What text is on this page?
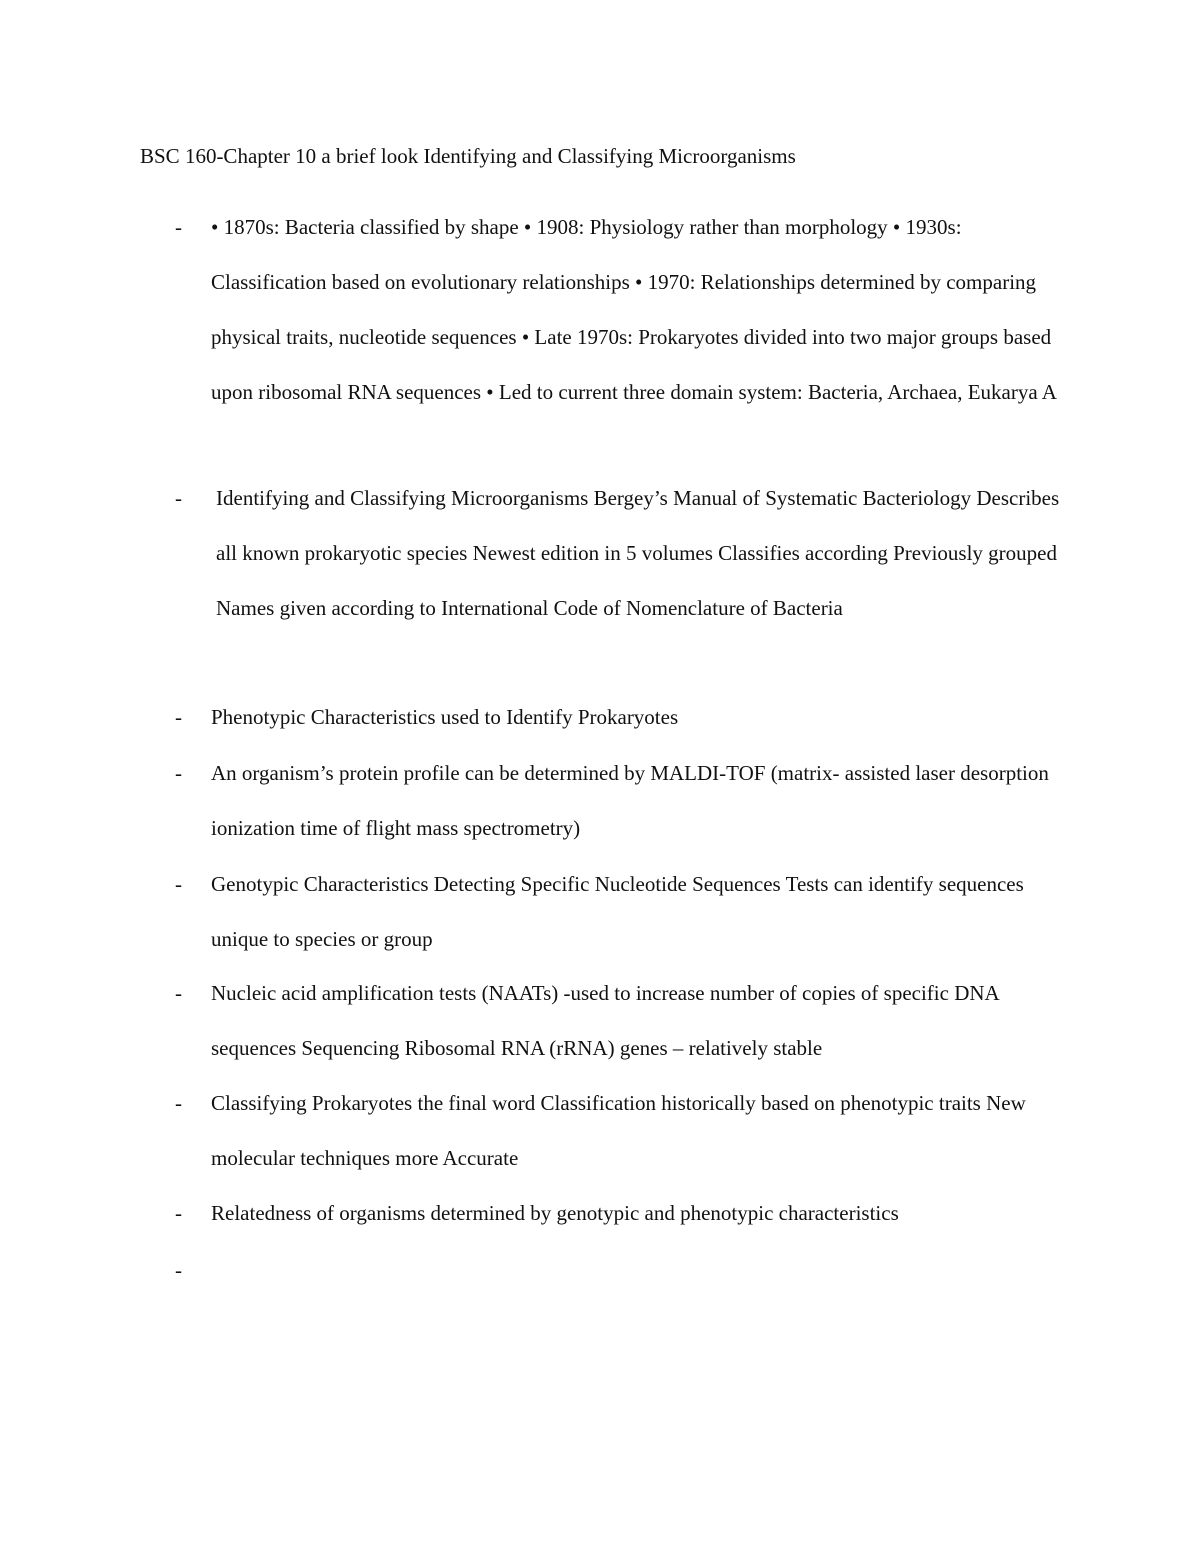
BSC 160-Chapter 10 a brief look Identifying and Classifying Microorganisms
- • 1870s: Bacteria classified by shape • 1908: Physiology rather than morphology • 1930s: Classification based on evolutionary relationships • 1970: Relationships determined by comparing physical traits, nucleotide sequences • Late 1970s: Prokaryotes divided into two major groups based upon ribosomal RNA sequences • Led to current three domain system: Bacteria, Archaea, Eukarya A

- Identifying and Classifying Microorganisms Bergey’s Manual of Systematic Bacteriology Describes all known prokaryotic species Newest edition in 5 volumes Classifies according Previously grouped Names given according to International Code of Nomenclature of Bacteria

- Phenotypic Characteristics used to Identify Prokaryotes

- An organism’s protein profile can be determined by MALDI-TOF (matrix- assisted laser desorption ionization time of flight mass spectrometry)

- Genotypic Characteristics Detecting Specific Nucleotide Sequences Tests can identify sequences unique to species or group

- Nucleic acid amplification tests (NAATs) -used to increase number of copies of specific DNA sequences Sequencing Ribosomal RNA (rRNA) genes – relatively stable

- Classifying Prokaryotes the final word Classification historically based on phenotypic traits New molecular techniques more Accurate

- Relatedness of organisms determined by genotypic and phenotypic characteristics

-
